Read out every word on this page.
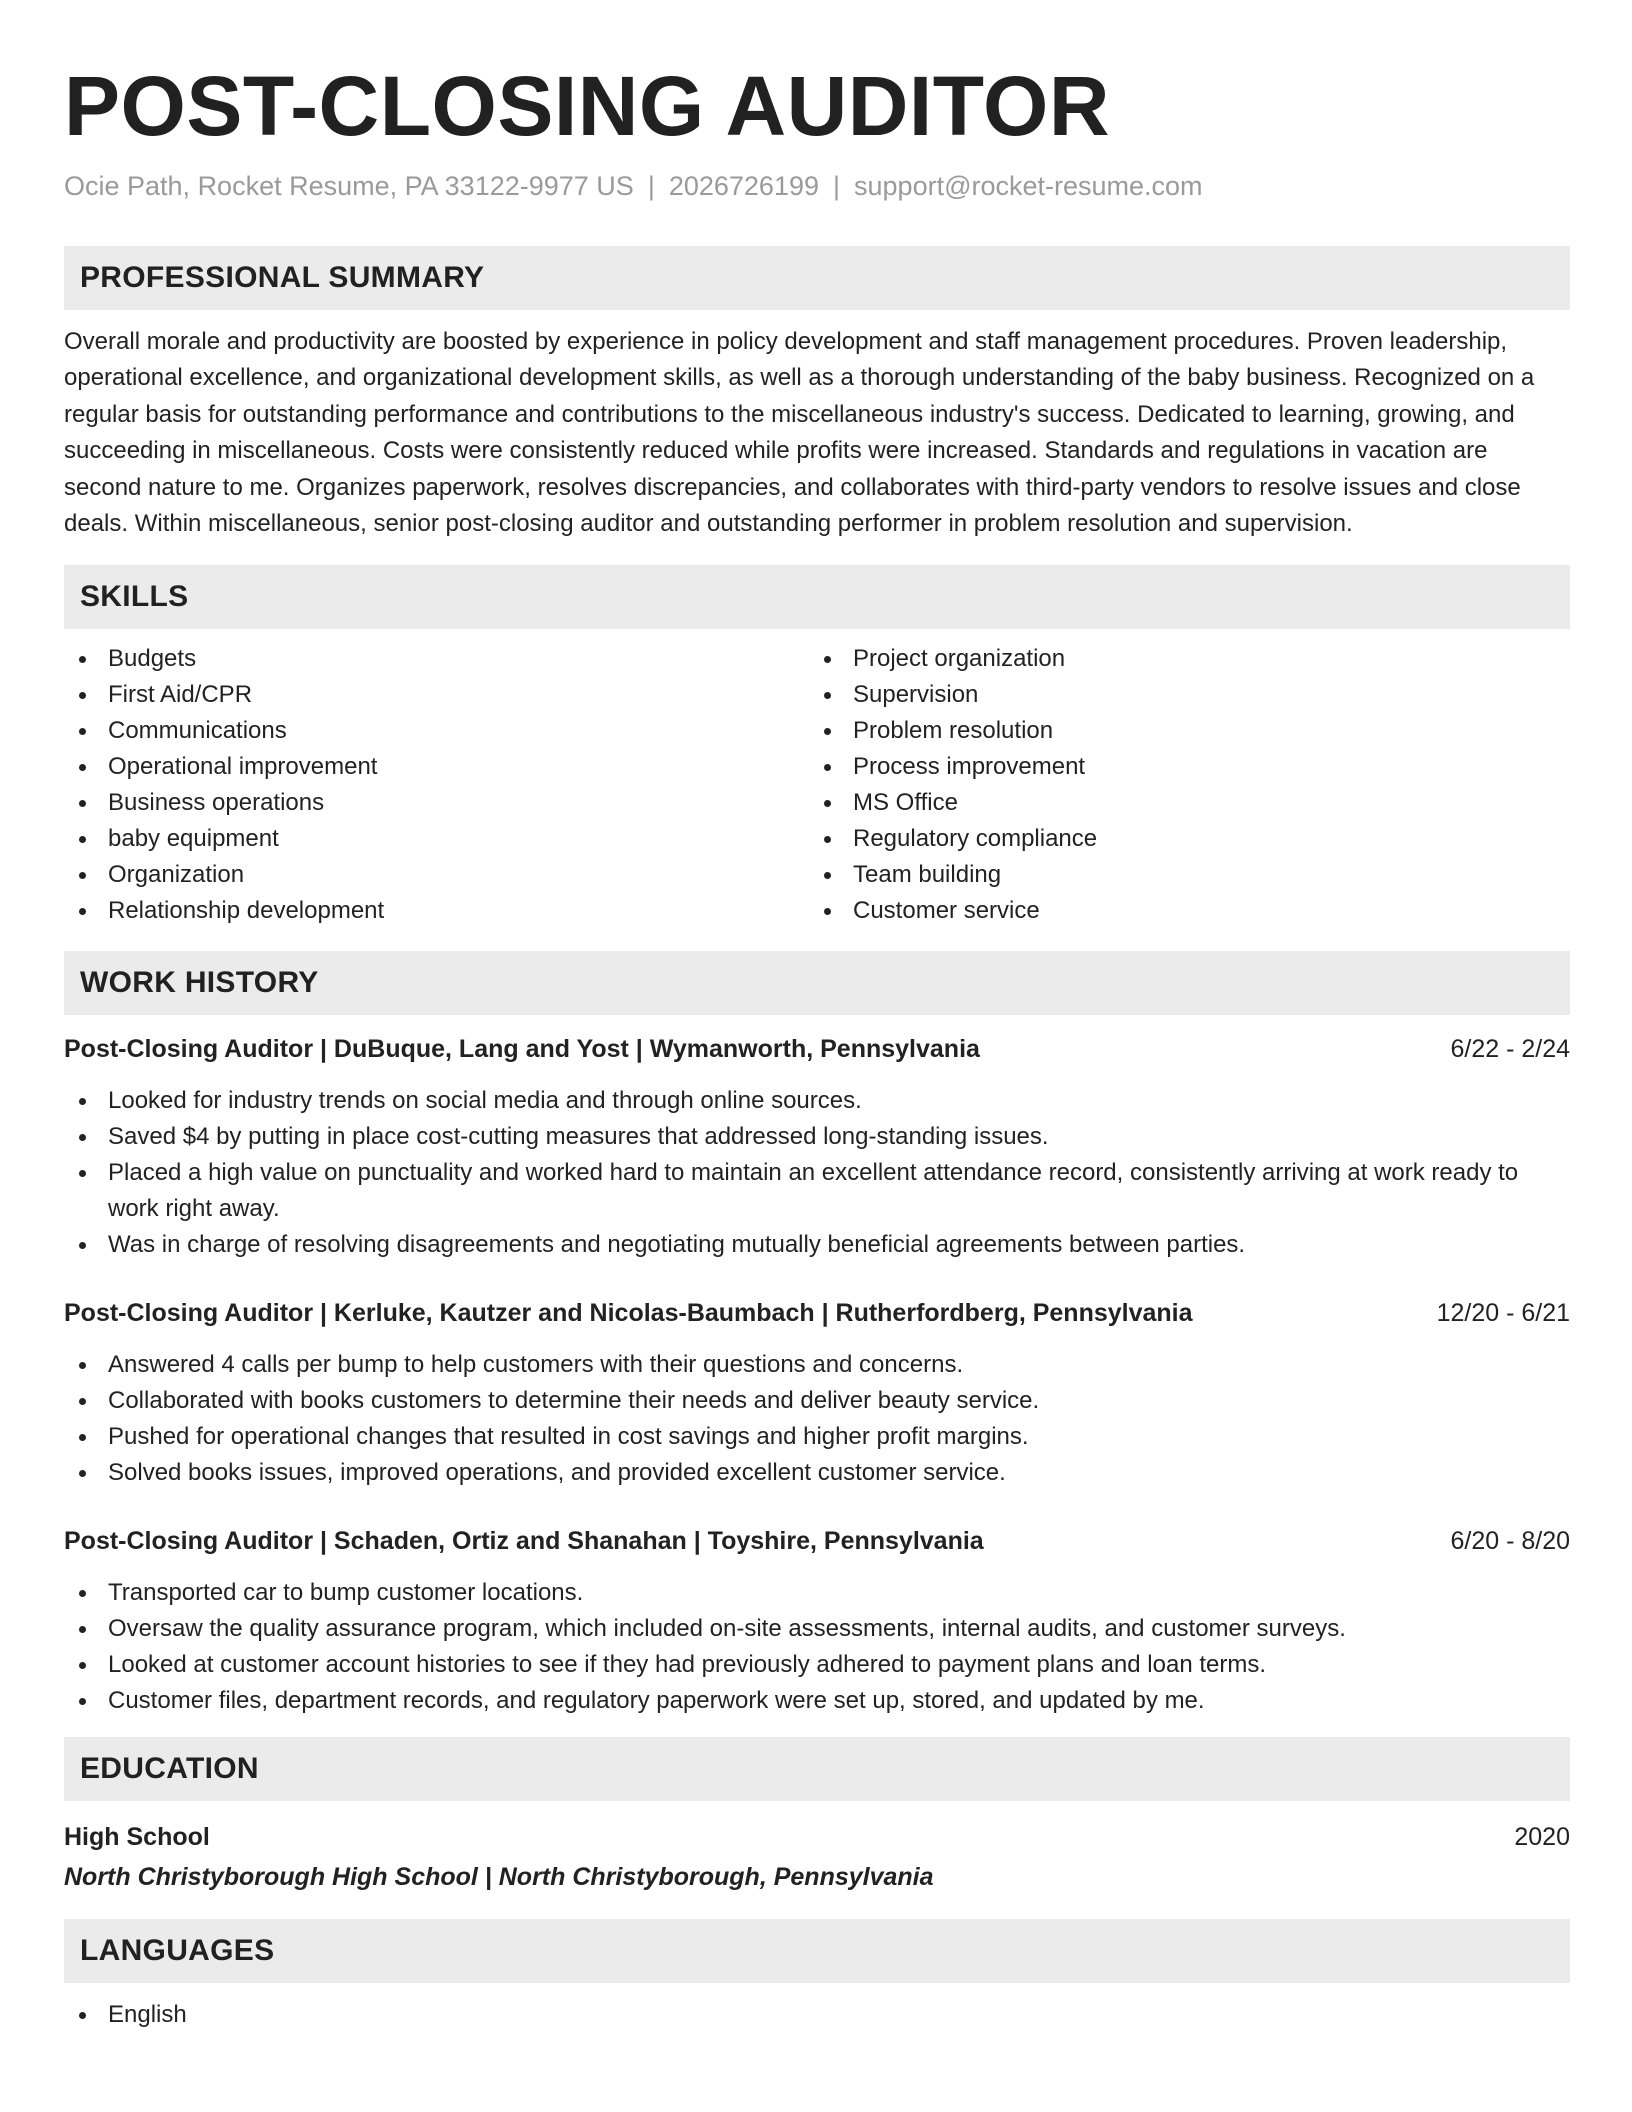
POST-CLOSING AUDITOR
Ocie Path, Rocket Resume, PA 33122-9977 US | 2026726199 | support@rocket-resume.com
PROFESSIONAL SUMMARY

Overall morale and productivity are boosted by experience in policy development and staff management procedures. Proven leadership, operational excellence, and organizational development skills, as well as a thorough understanding of the baby business. Recognized on a regular basis for outstanding performance and contributions to the miscellaneous industry's success. Dedicated to learning, growing, and succeeding in miscellaneous. Costs were consistently reduced while profits were increased. Standards and regulations in vacation are second nature to me. Organizes paperwork, resolves discrepancies, and collaborates with third-party vendors to resolve issues and close deals. Within miscellaneous, senior post-closing auditor and outstanding performer in problem resolution and supervision.

SKILLS
Budgets
First Aid/CPR
Communications
Operational improvement
Business operations
baby equipment
Organization
Relationship development
Project organization
Supervision
Problem resolution
Process improvement
MS Office
Regulatory compliance
Team building
Customer service
WORK HISTORY
Post-Closing Auditor | DuBuque, Lang and Yost | Wymanworth, Pennsylvania	6/22 - 2/24
Looked for industry trends on social media and through online sources.
Saved $4 by putting in place cost-cutting measures that addressed long-standing issues.
Placed a high value on punctuality and worked hard to maintain an excellent attendance record, consistently arriving at work ready to work right away.
Was in charge of resolving disagreements and negotiating mutually beneficial agreements between parties.
Post-Closing Auditor | Kerluke, Kautzer and Nicolas-Baumbach | Rutherfordberg, Pennsylvania	12/20 - 6/21
Answered 4 calls per bump to help customers with their questions and concerns.
Collaborated with books customers to determine their needs and deliver beauty service.
Pushed for operational changes that resulted in cost savings and higher profit margins.
Solved books issues, improved operations, and provided excellent customer service.
Post-Closing Auditor | Schaden, Ortiz and Shanahan | Toyshire, Pennsylvania	6/20 - 8/20
Transported car to bump customer locations.
Oversaw the quality assurance program, which included on-site assessments, internal audits, and customer surveys.
Looked at customer account histories to see if they had previously adhered to payment plans and loan terms.
Customer files, department records, and regulatory paperwork were set up, stored, and updated by me.
EDUCATION
High School	2020
North Christyborough High School | North Christyborough, Pennsylvania
LANGUAGES
English
